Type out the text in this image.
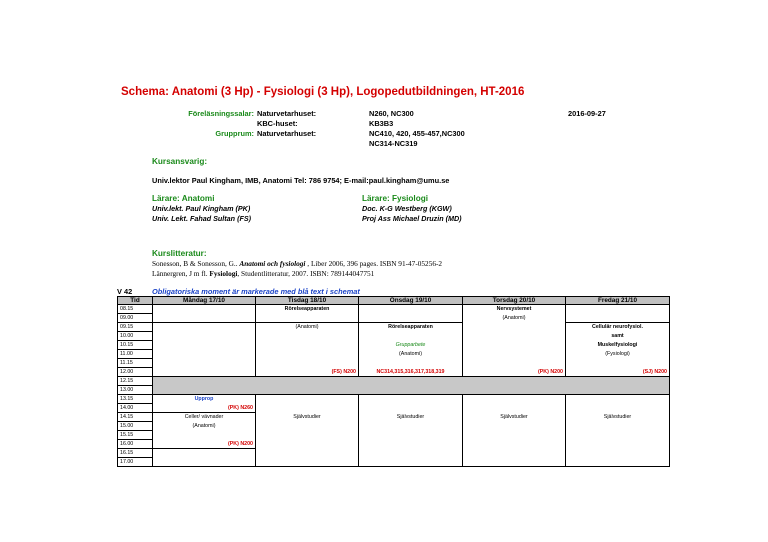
Schema: Anatomi (3 Hp) - Fysiologi (3 Hp), Logopedutbildningen, HT-2016
Föreläsningssalar: Naturvetarhuset:	N260, NC300	2016-09-27
KBC-huset:	KB3B3
Grupprum: Naturvetarhuset:	NC410, 420, 455-457,NC300
NC314-NC319
Kursansvarig:
Univ.lektor Paul Kingham, IMB, Anatomi Tel: 786 9754; E-mail:paul.kingham@umu.se
Lärare: Anatomi
Univ.lekt. Paul Kingham (PK)
Univ. Lekt. Fahad Sultan (FS)
Lärare: Fysiologi
Doc. K-G Westberg (KGW)
Proj Ass Michael Druzin (MD)
Kurslitteratur:
Sonesson, B & Sonesson, G.. Anatomi och fysiologi , Liber 2006, 396 pages. ISBN 91-47-05256-2
Lännergren, J m fl. Fysiologi, Studentlitteratur, 2007. ISBN: 789144047751
V 42	Obligatoriska moment är markerade med blå text i schemat
Tid	Måndag 17/10	Tisdag 18/10	Onsdag 19/10	Torsdag 20/10	Fredag 21/10
08.15		Rörelseapparaten		Nervsystemet	
09.00				(Anatomi)	
09.15		(Anatomi)	Rörelseapparaten		Cellulär neurofysiol.
10.00					samt
10.15			Grupparbete		Muskelfysiologi
11.00			(Anatomi)		(Fysiologi)
11.15					
12.00		(FS) N200	NC314,315,316,317,318,319	(PK) N200	(SJ) N200
12.15					
13.00					
13.15	Upprop				
14.00	(PK) N260				
14.15	Celler/ vävnader	Självstudier	Självstudier	Självstudier	Självstudier
15.00	(Anatomi)				
15.15					
16.00	(PK) N200				
16.15					
17.00					
